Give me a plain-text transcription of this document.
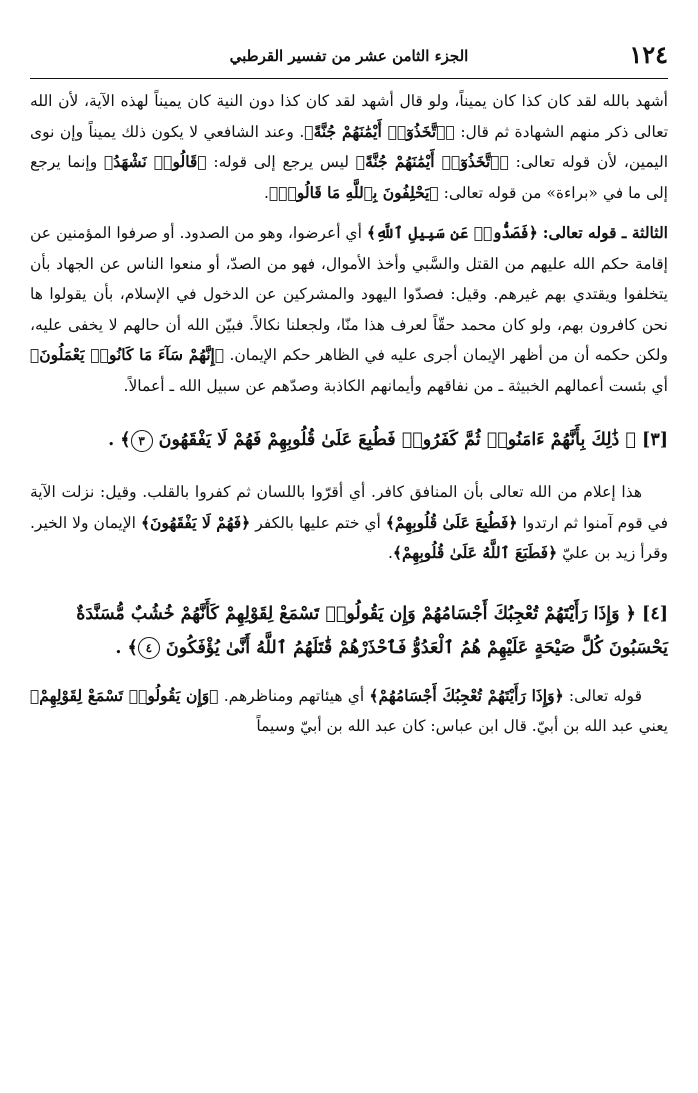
١٢٤
الجزء الثامن عشر من تفسير القرطبي

أشهد بالله لقد كان كذا كان يميناً، ولو قال أشهد لقد كان كذا دون النية كان يميناً لهذه الآية، لأن الله تعالى ذكر منهم الشهادة ثم قال: ﴿ٱتَّخَذُوٓا۟ أَيْمَٰنَهُمْ جُنَّةً﴾. وعند الشافعي لا يكون ذلك يميناً وإن نوى اليمين، لأن قوله تعالى: ﴿ٱتَّخَذُوٓا۟ أَيْمَٰنَهُمْ جُنَّةً﴾ ليس يرجع إلى قوله: ﴿قَالُوا۟ نَشْهَدُ﴾ وإنما يرجع إلى ما في «براءة» من قوله تعالى: ﴿يَحْلِفُونَ بِٱللَّهِ مَا قَالُوا۟﴾.

الثالثة ـ قوله تعالى: ﴿فَصَدُّوا۟ عَن سَبِيلِ ٱللَّهِ﴾ أي أعرضوا، وهو من الصدود. أو صرفوا المؤمنين عن إقامة حكم الله عليهم من القتل والسَّبي وأخذ الأموال، فهو من الصدّ، أو منعوا الناس عن الجهاد بأن يتخلفوا ويقتدي بهم غيرهم. وقيل: فصدّوا اليهود والمشركين عن الدخول في الإسلام، بأن يقولوا ها نحن كافرون بهم، ولو كان محمد حقّاً لعرف هذا منّا، ولجعلنا نكالاً. فبيّن الله أن حالهم لا يخفى عليه، ولكن حكمه أن من أظهر الإيمان أجرى عليه في الظاهر حكم الإيمان. ﴿إِنَّهُمْ سَآءَ مَا كَانُوا۟ يَعْمَلُونَ﴾ أي بئست أعمالهم الخبيثة ـ من نفاقهم وأيمانهم الكاذبة وصدّهم عن سبيل الله ـ أعمالاً.

[٣] ﴿ ذَٰلِكَ بِأَنَّهُمْ ءَامَنُوا۟ ثُمَّ كَفَرُوا۟ فَطُبِعَ عَلَىٰ قُلُوبِهِمْ فَهُمْ لَا يَفْقَهُونَ ٣﴾ .

هذا إعلام من الله تعالى بأن المنافق كافر. أي أقرّوا باللسان ثم كفروا بالقلب. وقيل: نزلت الآية في قوم آمنوا ثم ارتدوا ﴿فَطُبِعَ عَلَىٰ قُلُوبِهِمْ﴾ أي ختم عليها بالكفر ﴿فَهُمْ لَا يَفْقَهُونَ﴾ الإيمان ولا الخير. وقرأ زيد بن عليّ ﴿فَطَبَعَ ٱللَّهُ عَلَىٰ قُلُوبِهِمْ﴾.

[٤] ﴿ وَإِذَا رَأَيْتَهُمْ تُعْجِبُكَ أَجْسَامُهُمْ وَإِن يَقُولُوا۟ تَسْمَعْ لِقَوْلِهِمْ كَأَنَّهُمْ خُشُبٌ مُّسَنَّدَةٌ يَحْسَبُونَ كُلَّ صَيْحَةٍ عَلَيْهِمْ هُمُ ٱلْعَدُوُّ فَٱحْذَرْهُمْ قَٰتَلَهُمُ ٱللَّهُ أَنَّىٰ يُؤْفَكُونَ ٤﴾ .

قوله تعالى: ﴿وَإِذَا رَأَيْتَهُمْ تُعْجِبُكَ أَجْسَامُهُمْ﴾ أي هيئاتهم ومناظرهم. ﴿وَإِن يَقُولُوا۟ تَسْمَعْ لِقَوْلِهِمْ﴾ يعني عبد الله بن أبيّ. قال ابن عباس: كان عبد الله بن أبيّ وسيماً
